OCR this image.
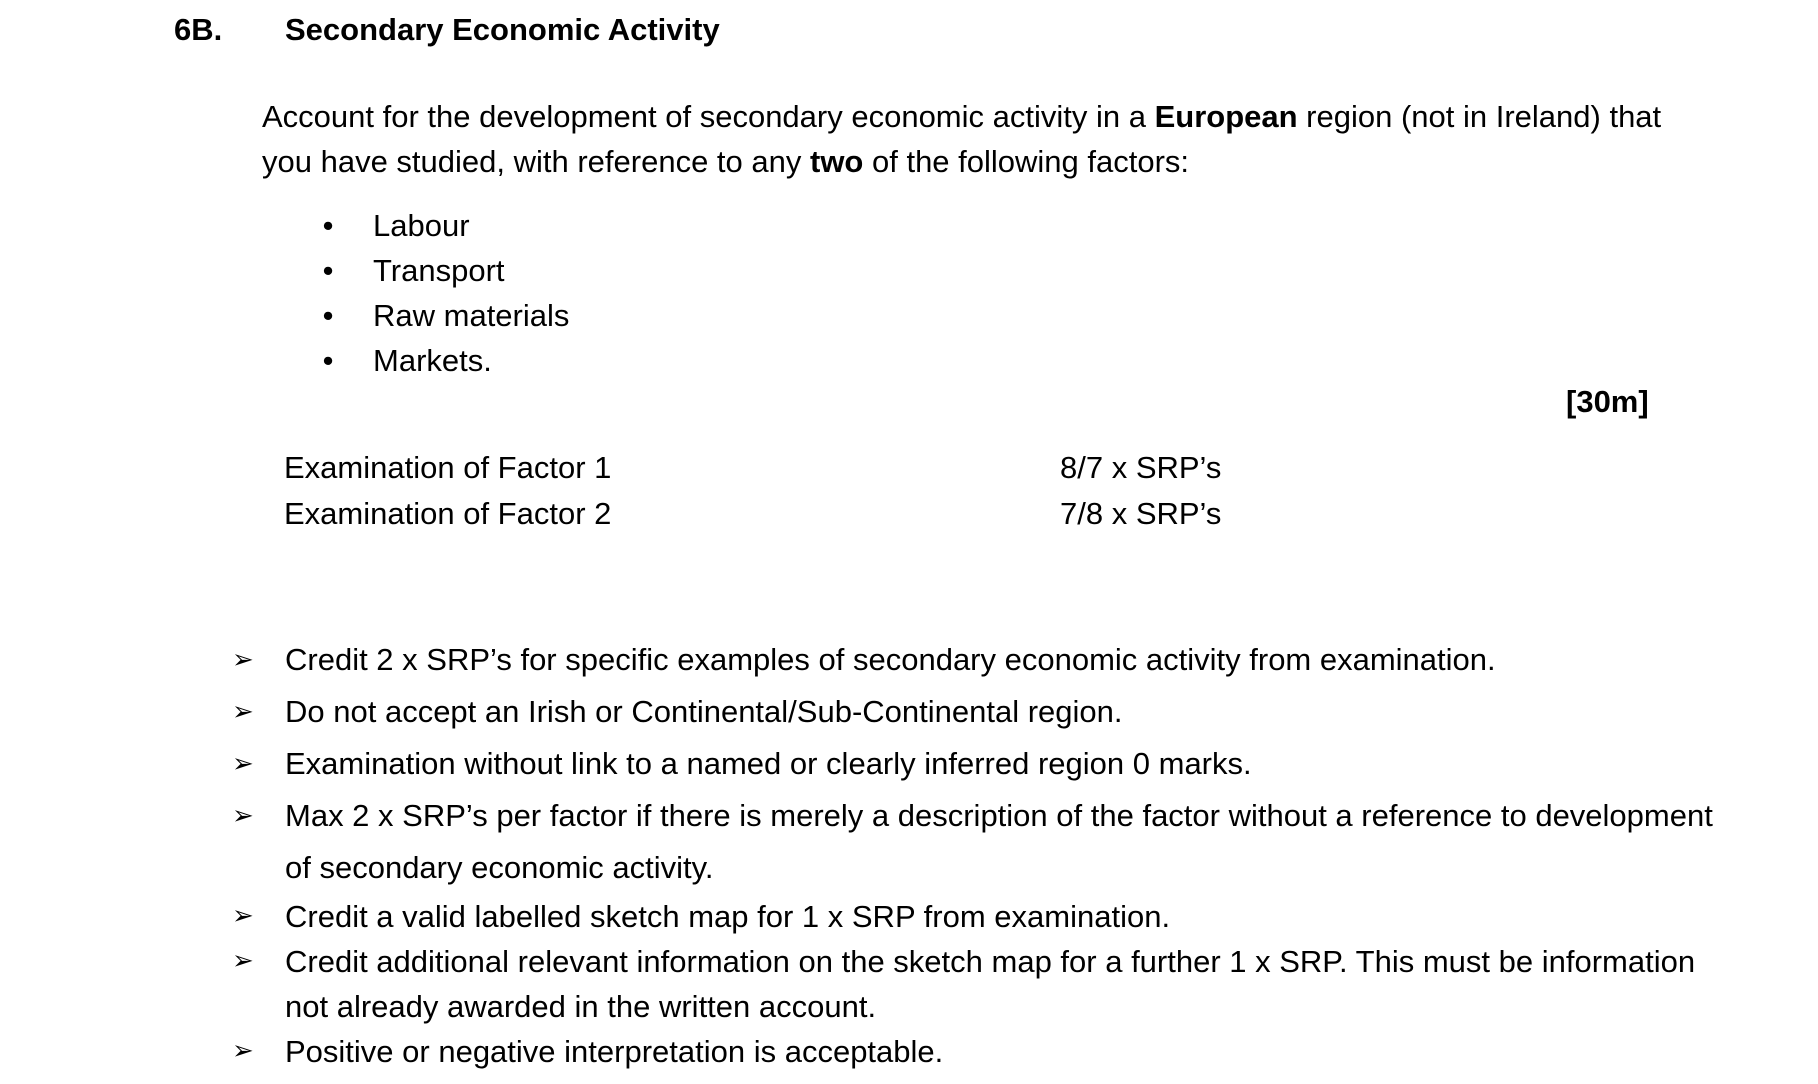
6B. Secondary Economic Activity
Account for the development of secondary economic activity in a European region (not in Ireland) that you have studied, with reference to any two of the following factors:
• Labour
• Transport
• Raw materials
• Markets.
[30m]
Examination of Factor 1	8/7 x SRP’s
Examination of Factor 2	7/8 x SRP’s
➢ Credit 2 x SRP’s for specific examples of secondary economic activity from examination.
➢ Do not accept an Irish or Continental/Sub-Continental region.
➢ Examination without link to a named or clearly inferred region 0 marks.
➢ Max 2 x SRP’s per factor if there is merely a description of the factor without a reference to development of secondary economic activity.
➢ Credit a valid labelled sketch map for 1 x SRP from examination.
➢ Credit additional relevant information on the sketch map for a further 1 x SRP. This must be information not already awarded in the written account.
➢ Positive or negative interpretation is acceptable.
